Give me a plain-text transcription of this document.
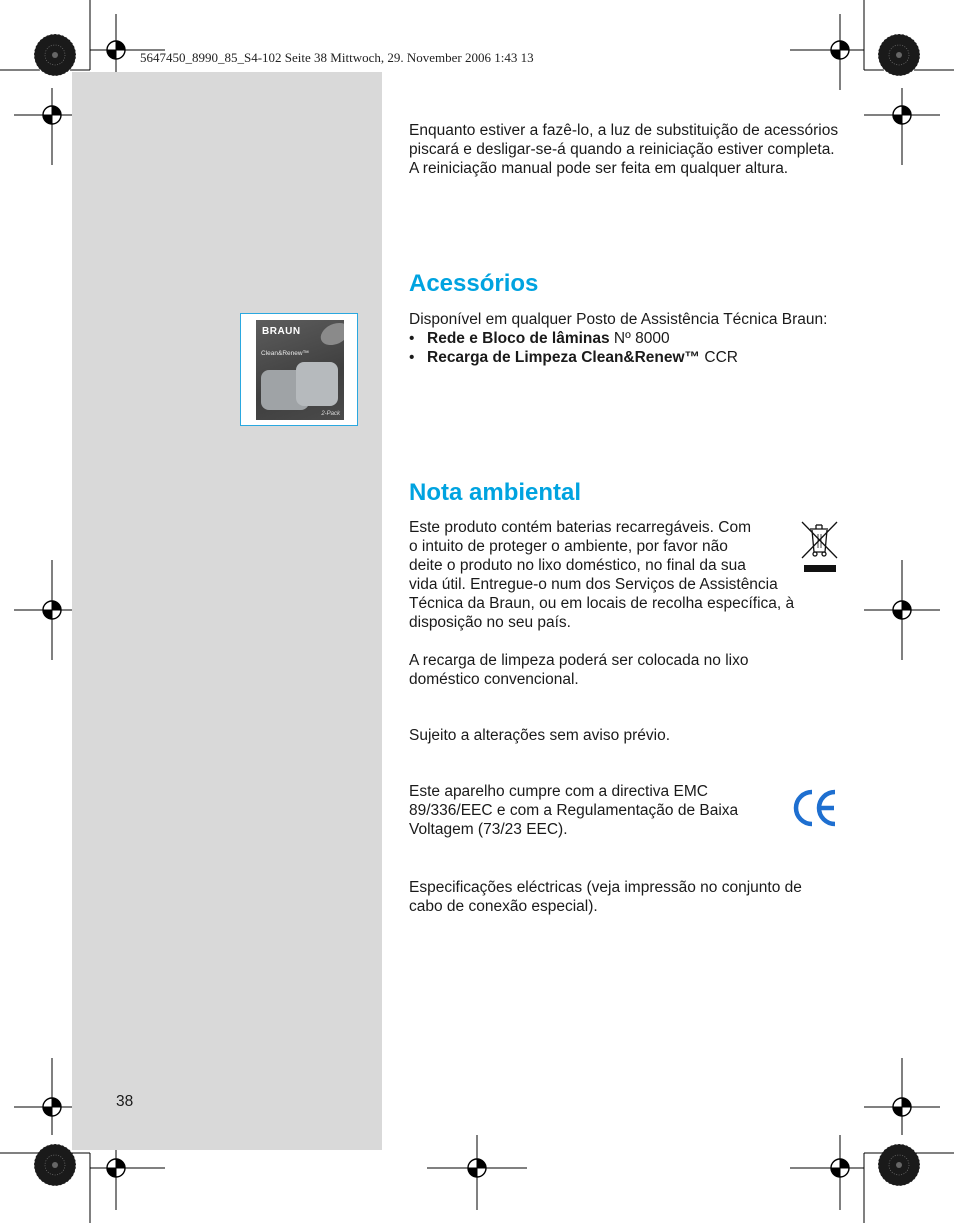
5647450_8990_85_S4-102 Seite 38 Mittwoch, 29. November 2006 1:43 13
Enquanto estiver a fazê-lo, a luz de substituição de acessórios piscará e desligar-se-á quando a reiniciação estiver completa. A reiniciação manual pode ser feita em qualquer altura.
Acessórios
BRAUN
Clean&Renew™
2-Pack
Disponível em qualquer Posto de Assistência Técnica Braun:
• Rede e Bloco de lâminas Nº 8000
• Recarga de Limpeza Clean&Renew™ CCR
Nota ambiental
Este produto contém baterias recarregáveis. Com
o intuito de proteger o ambiente, por favor não
deite o produto no lixo doméstico, no final da sua
vida útil. Entregue-o num dos Serviços de Assistência
Técnica da Braun, ou em locais de recolha específica, à
disposição no seu país.
A recarga de limpeza poderá ser colocada no lixo doméstico convencional.
Sujeito a alterações sem aviso prévio.
Este aparelho cumpre com a directiva EMC
89/336/EEC e com a Regulamentação de Baixa
Voltagem (73/23 EEC).
Especificações eléctricas (veja impressão no conjunto de cabo de conexão especial).
38
